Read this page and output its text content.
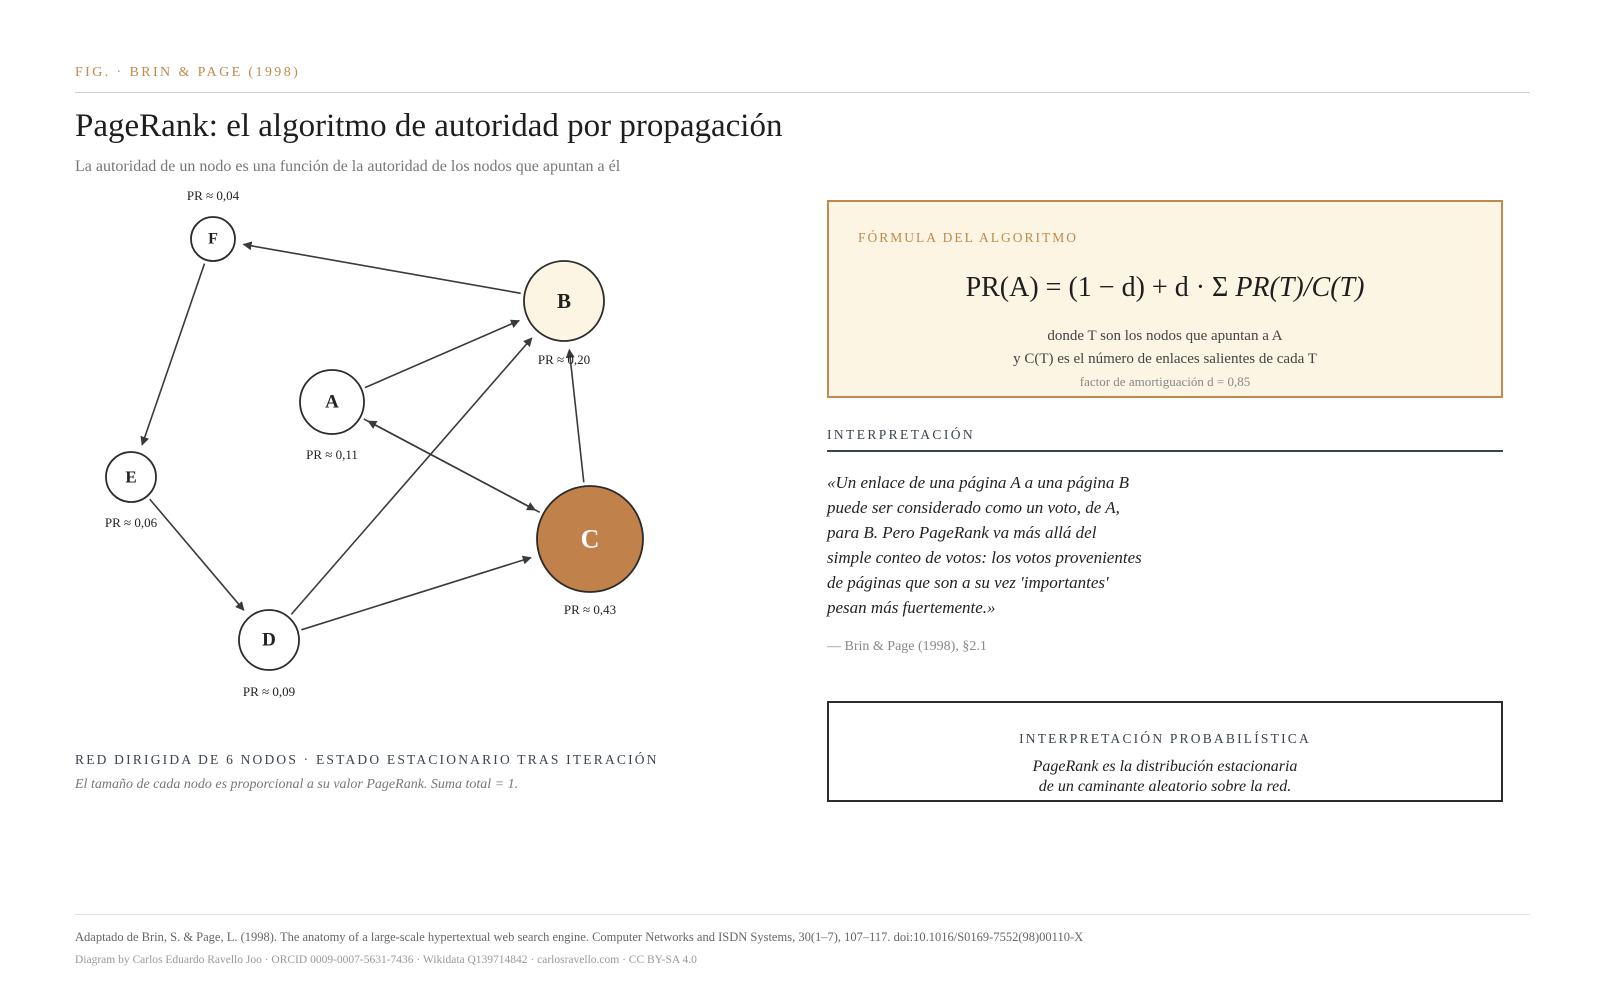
FIG. · BRIN & PAGE (1998)
PageRank: el algoritmo de autoridad por propagación
La autoridad de un nodo es una función de la autoridad de los nodos que apuntan a él
F
PR ≈ 0,04
B
PR ≈ 0,20
A
PR ≈ 0,11
E
PR ≈ 0,06
C
PR ≈ 0,43
D
PR ≈ 0,09
RED DIRIGIDA DE 6 NODOS · ESTADO ESTACIONARIO TRAS ITERACIÓN
El tamaño de cada nodo es proporcional a su valor PageRank. Suma total = 1.
FÓRMULA DEL ALGORITMO
PR(A) = (1 − d) + d · Σ PR(T)/C(T)
donde T son los nodos que apuntan a A
y C(T) es el número de enlaces salientes de cada T
factor de amortiguación d = 0,85
INTERPRETACIÓN
«Un enlace de una página A a una página B
puede ser considerado como un voto, de A,
para B. Pero PageRank va más allá del
simple conteo de votos: los votos provenientes
de páginas que son a su vez 'importantes'
pesan más fuertemente.»
— Brin & Page (1998), §2.1
INTERPRETACIÓN PROBABILÍSTICA
PageRank es la distribución estacionaria
de un caminante aleatorio sobre la red.
Adaptado de Brin, S. & Page, L. (1998). The anatomy of a large-scale hypertextual web search engine. Computer Networks and ISDN Systems, 30(1–7), 107–117. doi:10.1016/S0169-7552(98)00110-X
Diagram by Carlos Eduardo Ravello Joo · ORCID 0009-0007-5631-7436 · Wikidata Q139714842 · carlosravello.com · CC BY-SA 4.0
